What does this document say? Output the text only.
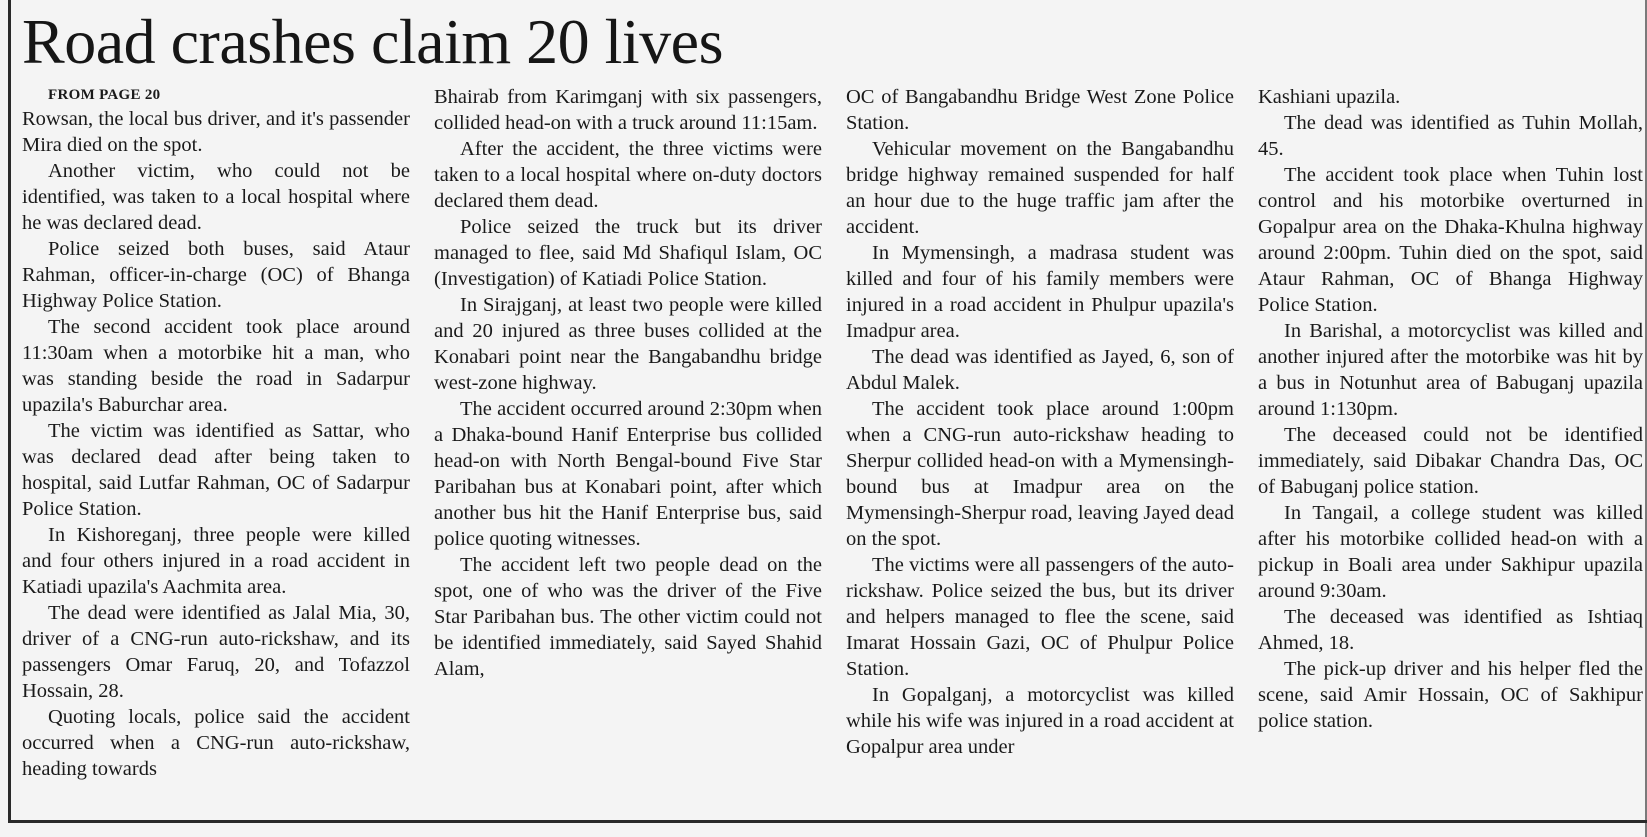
Road crashes claim 20 lives

FROM PAGE 20

Rowsan, the local bus driver, and it's passender Mira died on the spot.

Another victim, who could not be identified, was taken to a local hospital where he was declared dead.

Police seized both buses, said Ataur Rahman, officer-in-charge (OC) of Bhanga Highway Police Station.

The second accident took place around 11:30am when a motorbike hit a man, who was standing beside the road in Sadarpur upazila's Baburchar area.

The victim was identified as Sattar, who was declared dead after being taken to hospital, said Lutfar Rahman, OC of Sadarpur Police Station.

In Kishoreganj, three people were killed and four others injured in a road accident in Katiadi upazila's Aachmita area.

The dead were identified as Jalal Mia, 30, driver of a CNG-run auto-rickshaw, and its passengers Omar Faruq, 20, and Tofazzol Hossain, 28.

Quoting locals, police said the accident occurred when a CNG-run auto-rickshaw, heading towards

Bhairab from Karimganj with six passengers, collided head-on with a truck around 11:15am.

After the accident, the three victims were taken to a local hospital where on-duty doctors declared them dead.

Police seized the truck but its driver managed to flee, said Md Shafiqul Islam, OC (Investigation) of Katiadi Police Station.

In Sirajganj, at least two people were killed and 20 injured as three buses collided at the Konabari point near the Bangabandhu bridge west-zone highway.

The accident occurred around 2:30pm when a Dhaka-bound Hanif Enterprise bus collided head-on with North Bengal-bound Five Star Paribahan bus at Konabari point, after which another bus hit the Hanif Enterprise bus, said police quoting witnesses.

The accident left two people dead on the spot, one of who was the driver of the Five Star Paribahan bus. The other victim could not be identified immediately, said Sayed Shahid Alam,

OC of Bangabandhu Bridge West Zone Police Station.

Vehicular movement on the Bangabandhu bridge highway remained suspended for half an hour due to the huge traffic jam after the accident.

In Mymensingh, a madrasa student was killed and four of his family members were injured in a road accident in Phulpur upazila's Imadpur area.

The dead was identified as Jayed, 6, son of Abdul Malek.

The accident took place around 1:00pm when a CNG-run auto-rickshaw heading to Sherpur collided head-on with a Mymensingh-bound bus at Imadpur area on the Mymensingh-Sherpur road, leaving Jayed dead on the spot.

The victims were all passengers of the auto-rickshaw. Police seized the bus, but its driver and helpers managed to flee the scene, said Imarat Hossain Gazi, OC of Phulpur Police Station.

In Gopalganj, a motorcyclist was killed while his wife was injured in a road accident at Gopalpur area under

Kashiani upazila.

The dead was identified as Tuhin Mollah, 45.

The accident took place when Tuhin lost control and his motorbike overturned in Gopalpur area on the Dhaka-Khulna highway around 2:00pm. Tuhin died on the spot, said Ataur Rahman, OC of Bhanga Highway Police Station.

In Barishal, a motorcyclist was killed and another injured after the motorbike was hit by a bus in Notunhut area of Babuganj upazila around 1:130pm.

The deceased could not be identified immediately, said Dibakar Chandra Das, OC of Babuganj police station.

In Tangail, a college student was killed after his motorbike collided head-on with a pickup in Boali area under Sakhipur upazila around 9:30am.

The deceased was identified as Ishtiaq Ahmed, 18.

The pick-up driver and his helper fled the scene, said Amir Hossain, OC of Sakhipur police station.
